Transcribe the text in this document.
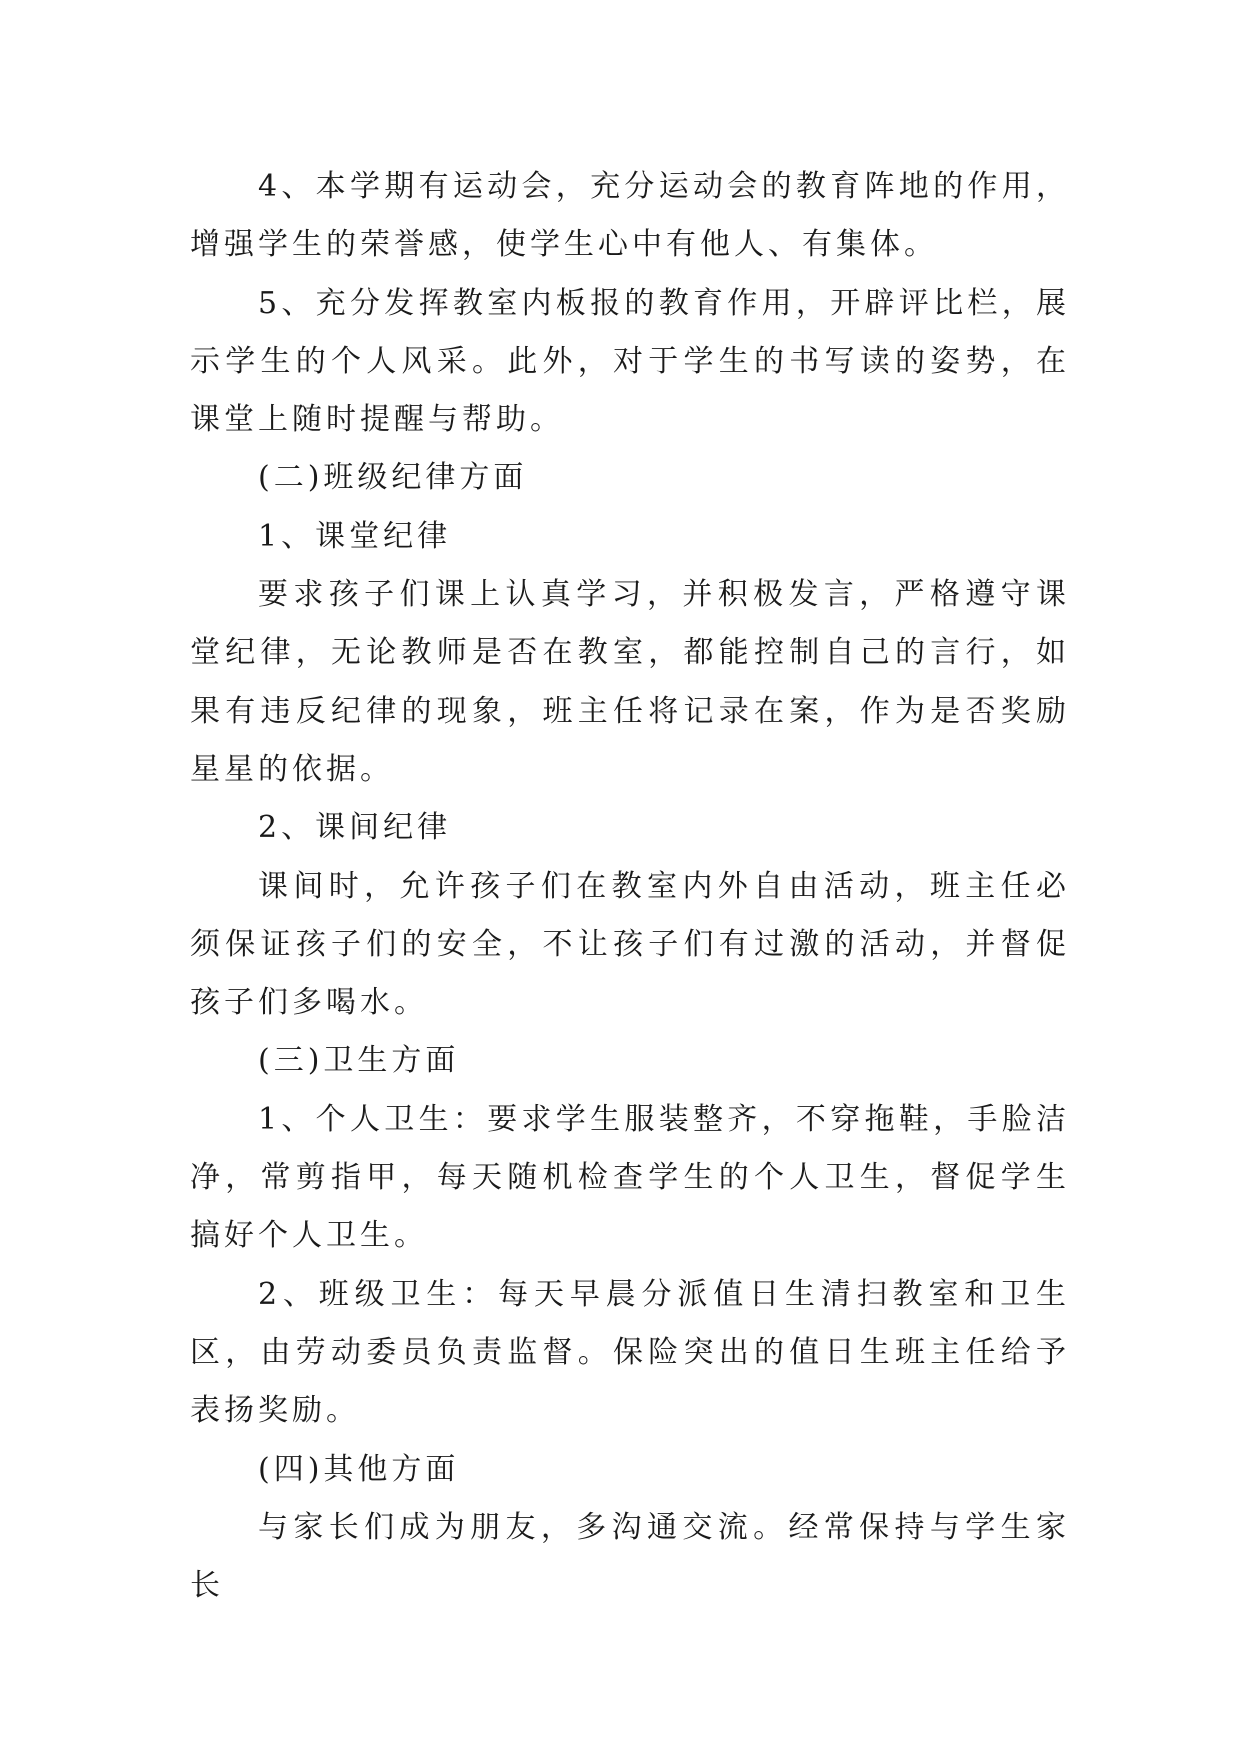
4、本学期有运动会，充分运动会的教育阵地的作用，增强学生的荣誉感，使学生心中有他人、有集体。

5、充分发挥教室内板报的教育作用，开辟评比栏，展示学生的个人风采。此外，对于学生的书写读的姿势，在课堂上随时提醒与帮助。

(二)班级纪律方面

1、课堂纪律

要求孩子们课上认真学习，并积极发言，严格遵守课堂纪律，无论教师是否在教室，都能控制自己的言行，如果有违反纪律的现象，班主任将记录在案，作为是否奖励星星的依据。

2、课间纪律

课间时，允许孩子们在教室内外自由活动，班主任必须保证孩子们的安全，不让孩子们有过激的活动，并督促孩子们多喝水。

(三)卫生方面

1、个人卫生：要求学生服装整齐，不穿拖鞋，手脸洁净，常剪指甲，每天随机检查学生的个人卫生，督促学生搞好个人卫生。

2、班级卫生：每天早晨分派值日生清扫教室和卫生区，由劳动委员负责监督。保险突出的值日生班主任给予表扬奖励。

(四)其他方面

与家长们成为朋友，多沟通交流。经常保持与学生家长
